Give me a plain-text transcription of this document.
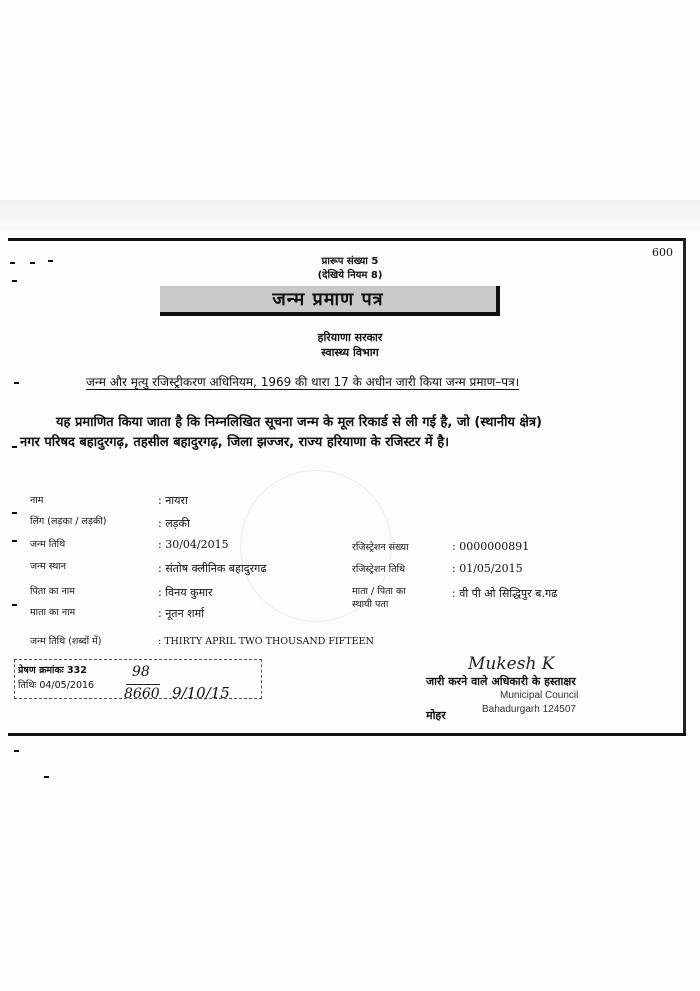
600
प्रारूप संख्या 5
(देखिये नियम 8)
जन्म प्रमाण पत्र
हरियाणा सरकार
स्वास्थ्य विभाग
जन्म और मृत्यु रजिस्ट्रीकरण अधिनियम, 1969 की धारा 17 के अधीन जारी किया जन्म प्रमाण–पत्र।
यह प्रमाणित किया जाता है कि निम्नलिखित सूचना जन्म के मूल रिकार्ड से ली गई है, जो (स्थानीय क्षेत्र)
नगर परिषद बहादुरगढ़, तहसील बहादुरगढ़, जिला झज्जर, राज्य हरियाणा के रजिस्टर में है।
नाम	: नायरा
लिंग (लड़का / लड़की)	: लड़की
जन्म तिथि	: 30/04/2015
जन्म स्थान	: संतोष क्लीनिक बहादुरगढ
पिता का नाम	: विनय कुमार
माता का नाम	: नूतन शर्मा
जन्म तिथि (शब्दों में)	: THIRTY APRIL TWO THOUSAND FIFTEEN
रजिस्ट्रेशन संख्या	: 0000000891
रजिस्ट्रेशन तिथि	: 01/05/2015
माता / पिता का
स्थायी पता
: वी पी ओ सिद्धिपुर ब.गढ
प्रेषण क्रमांकः 332
तिथिः 04/05/2016
98
8660 9/10/15
जारी करने वाले अधिकारी के हस्ताक्षर
Mukesh K
Municipal Council
Bahadurgarh 124507
मोहर
